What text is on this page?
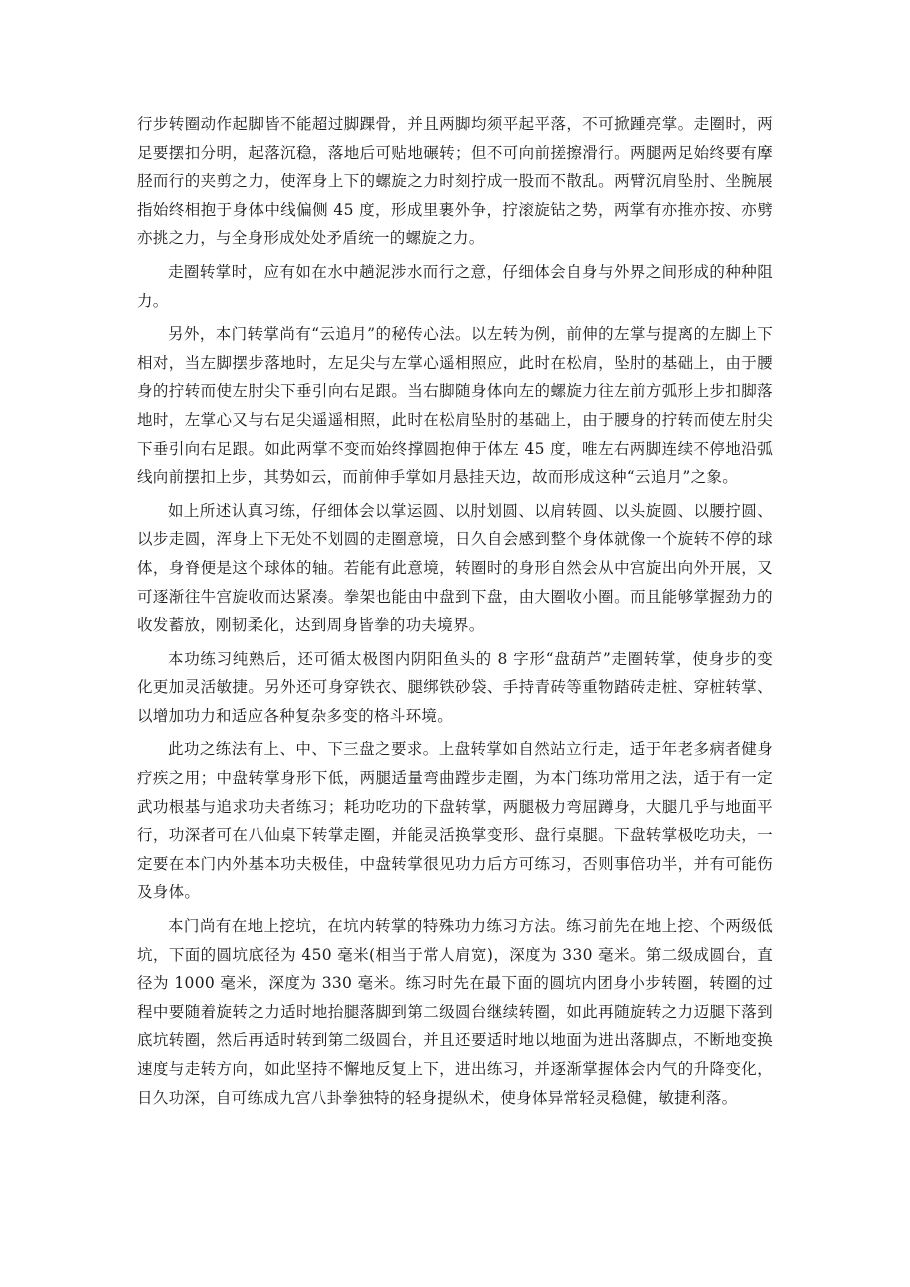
行步转圈动作起脚皆不能超过脚踝骨，并且两脚均须平起平落，不可掀踵亮掌。走圈时，两足要摆扣分明，起落沉稳，落地后可贴地碾转；但不可向前搓擦滑行。两腿两足始终要有摩胫而行的夹剪之力，使浑身上下的螺旋之力时刻拧成一股而不散乱。两臂沉肩坠肘、坐腕展指始终相抱于身体中线偏侧 45 度，形成里裹外争，拧滚旋钻之势，两掌有亦推亦按、亦劈亦挑之力，与全身形成处处矛盾统一的螺旋之力。

走圈转掌时，应有如在水中趟泥涉水而行之意，仔细体会自身与外界之间形成的种种阻力。

另外，本门转掌尚有“云追月”的秘传心法。以左转为例，前伸的左掌与提离的左脚上下相对，当左脚摆步落地时，左足尖与左掌心遥相照应，此时在松肩，坠肘的基础上，由于腰身的拧转而使左肘尖下垂引向右足跟。当右脚随身体向左的螺旋力往左前方弧形上步扣脚落地时，左掌心又与右足尖遥遥相照，此时在松肩坠肘的基础上，由于腰身的拧转而使左肘尖下垂引向右足跟。如此两掌不变而始终撑圆抱伸于体左 45 度，唯左右两脚连续不停地沿弧线向前摆扣上步，其势如云，而前伸手掌如月悬挂天边，故而形成这种“云追月”之象。

如上所述认真习练，仔细体会以掌运圆、以肘划圆、以肩转圆、以头旋圆、以腰拧圆、以步走圆，浑身上下无处不划圆的走圈意境，日久自会感到整个身体就像一个旋转不停的球体，身脊便是这个球体的轴。若能有此意境，转圈时的身形自然会从中宫旋出向外开展，又可逐渐往牛宫旋收而达紧凑。拳架也能由中盘到下盘，由大圈收小圈。而且能够掌握劲力的收发蓄放，刚韧柔化，达到周身皆拳的功夫境界。

本功练习纯熟后，还可循太极图内阴阳鱼头的 8 字形“盘葫芦”走圈转掌，使身步的变化更加灵活敏捷。另外还可身穿铁衣、腿绑铁砂袋、手持青砖等重物踏砖走桩、穿桩转掌、以增加功力和适应各种复杂多变的格斗环境。

此功之练法有上、中、下三盘之要求。上盘转掌如自然站立行走，适于年老多病者健身疗疾之用；中盘转掌身形下低，两腿适量弯曲蹚步走圈，为本门练功常用之法，适于有一定武功根基与追求功夫者练习；耗功吃功的下盘转掌，两腿极力弯屈蹲身，大腿几乎与地面平行，功深者可在八仙桌下转掌走圈，并能灵活换掌变形、盘行桌腿。下盘转掌极吃功夫，一定要在本门内外基本功夫极佳，中盘转掌很见功力后方可练习，否则事倍功半，并有可能伤及身体。

本门尚有在地上挖坑，在坑内转掌的特殊功力练习方法。练习前先在地上挖、个两级低坑，下面的圆坑底径为 450 毫米(相当于常人肩宽)，深度为 330 毫米。第二级成圆台，直径为 1000 毫米，深度为 330 毫米。练习时先在最下面的圆坑内团身小步转圈，转圈的过程中要随着旋转之力适时地抬腿落脚到第二级圆台继续转圈，如此再随旋转之力迈腿下落到底坑转圈，然后再适时转到第二级圆台，并且还要适时地以地面为进出落脚点，不断地变换速度与走转方向，如此坚持不懈地反复上下，进出练习，并逐渐掌握体会内气的升降变化，日久功深，自可练成九宫八卦拳独特的轻身提纵术，使身体异常轻灵稳健，敏捷利落。
